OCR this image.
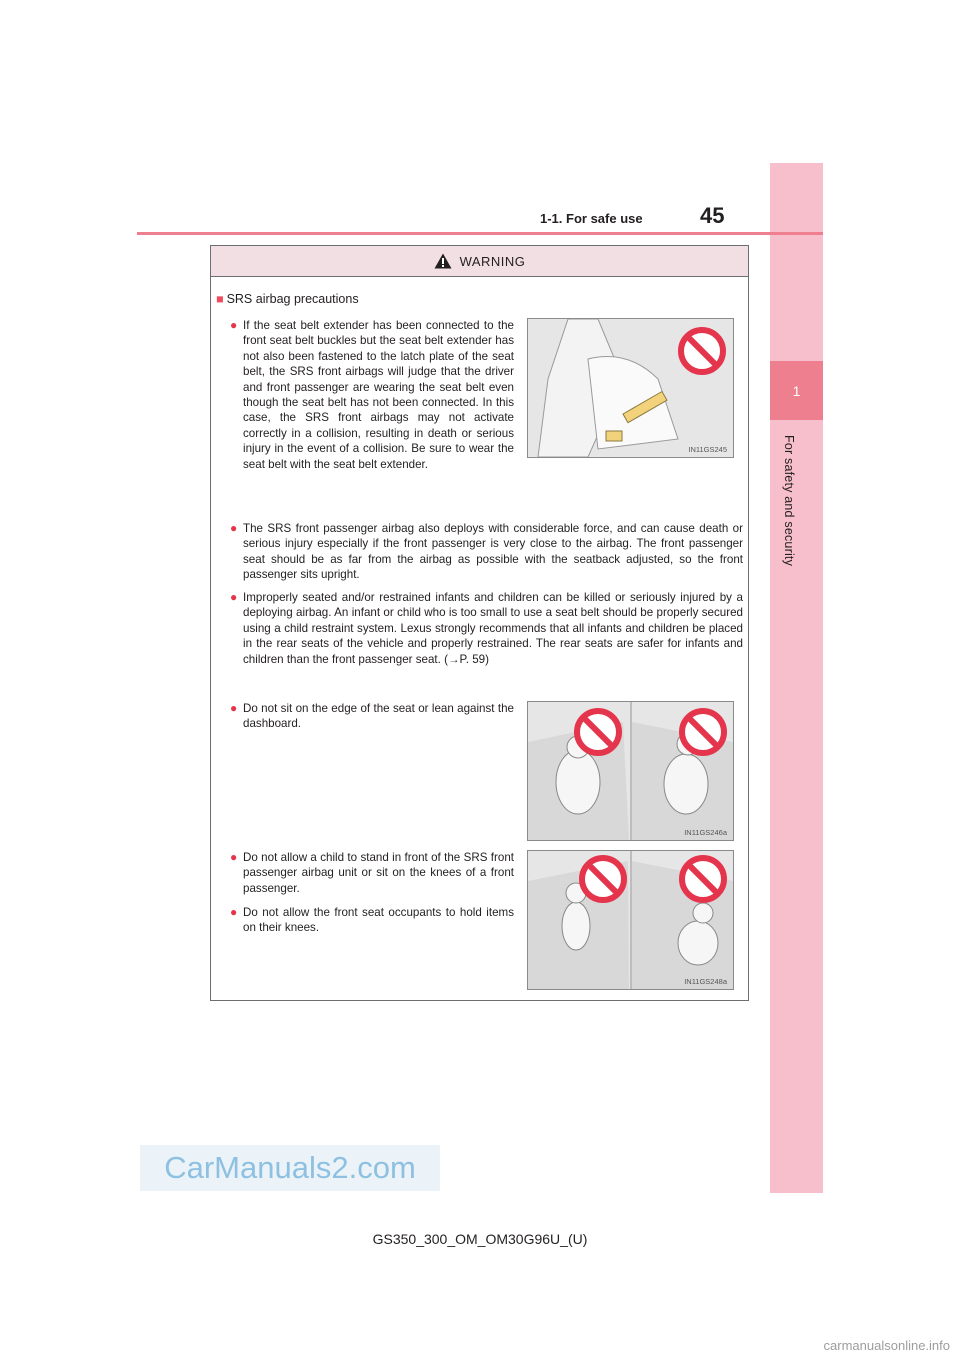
1
For safety and security
1-1. For safe use	45
WARNING
■ SRS airbag precautions
● If the seat belt extender has been connected to the front seat belt buckles but the seat belt extender has not also been fastened to the latch plate of the seat belt, the SRS front airbags will judge that the driver and front passenger are wearing the seat belt even though the seat belt has not been connected. In this case, the SRS front airbags may not activate correctly in a collision, resulting in death or serious injury in the event of a collision. Be sure to wear the seat belt with the seat belt extender.
IN11GS245
● The SRS front passenger airbag also deploys with considerable force, and can cause death or serious injury especially if the front passenger is very close to the airbag. The front passenger seat should be as far from the airbag as possible with the seatback adjusted, so the front passenger sits upright.
● Improperly seated and/or restrained infants and children can be killed or seriously injured by a deploying airbag. An infant or child who is too small to use a seat belt should be properly secured using a child restraint system. Lexus strongly recommends that all infants and children be placed in the rear seats of the vehicle and properly restrained. The rear seats are safer for infants and children than the front passenger seat. (→P. 59)
● Do not sit on the edge of the seat or lean against the dashboard.
IN11GS246a
● Do not allow a child to stand in front of the SRS front passenger airbag unit or sit on the knees of a front passenger.
● Do not allow the front seat occupants to hold items on their knees.
IN11GS248a
CarManuals2.com
GS350_300_OM_OM30G96U_(U)
carmanualsonline.info
